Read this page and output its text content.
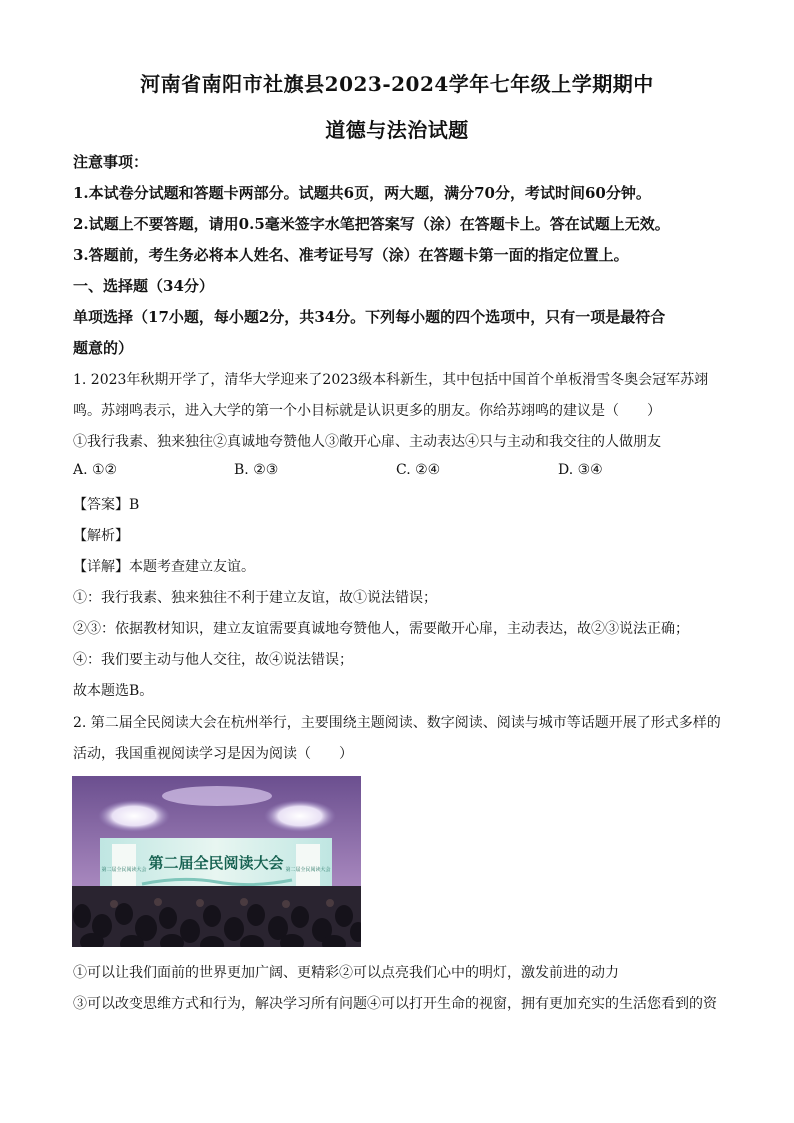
河南省南阳市社旗县2023-2024学年七年级上学期期中
道德与法治试题
注意事项：
1.本试卷分试题和答题卡两部分。试题共6页，两大题，满分70分，考试时间60分钟。
2.试题上不要答题，请用0.5毫米签字水笔把答案写（涂）在答题卡上。答在试题上无效。
3.答题前，考生务必将本人姓名、准考证号写（涂）在答题卡第一面的指定位置上。
一、选择题（34分）
单项选择（17小题，每小题2分，共34分。下列每小题的四个选项中，只有一项是最符合
题意的）
1. 2023年秋期开学了，清华大学迎来了2023级本科新生，其中包括中国首个单板滑雪冬奥会冠军苏翊
鸣。苏翊鸣表示，进入大学的第一个小目标就是认识更多的朋友。你给苏翊鸣的建议是（　　）
①我行我素、独来独往②真诚地夸赞他人③敞开心扉、主动表达④只与主动和我交往的人做朋友
A. ①②	B. ②③	C. ②④	D. ③④
【答案】B
【解析】
【详解】本题考查建立友谊。
①：我行我素、独来独往不利于建立友谊，故①说法错误；
②③：依据教材知识，建立友谊需要真诚地夸赞他人，需要敞开心扉，主动表达，故②③说法正确；
④：我们要主动与他人交往，故④说法错误；
故本题选B。
2. 第二届全民阅读大会在杭州举行，主要围绕主题阅读、数字阅读、阅读与城市等话题开展了形式多样的
活动，我国重视阅读学习是因为阅读（　　）
第二届全民阅读大会	第二届全民阅读大会
第二届全民阅读大会
①可以让我们面前的世界更加广阔、更精彩②可以点亮我们心中的明灯，激发前进的动力
③可以改变思维方式和行为，解决学习所有问题④可以打开生命的视窗，拥有更加充实的生活您看到的资
